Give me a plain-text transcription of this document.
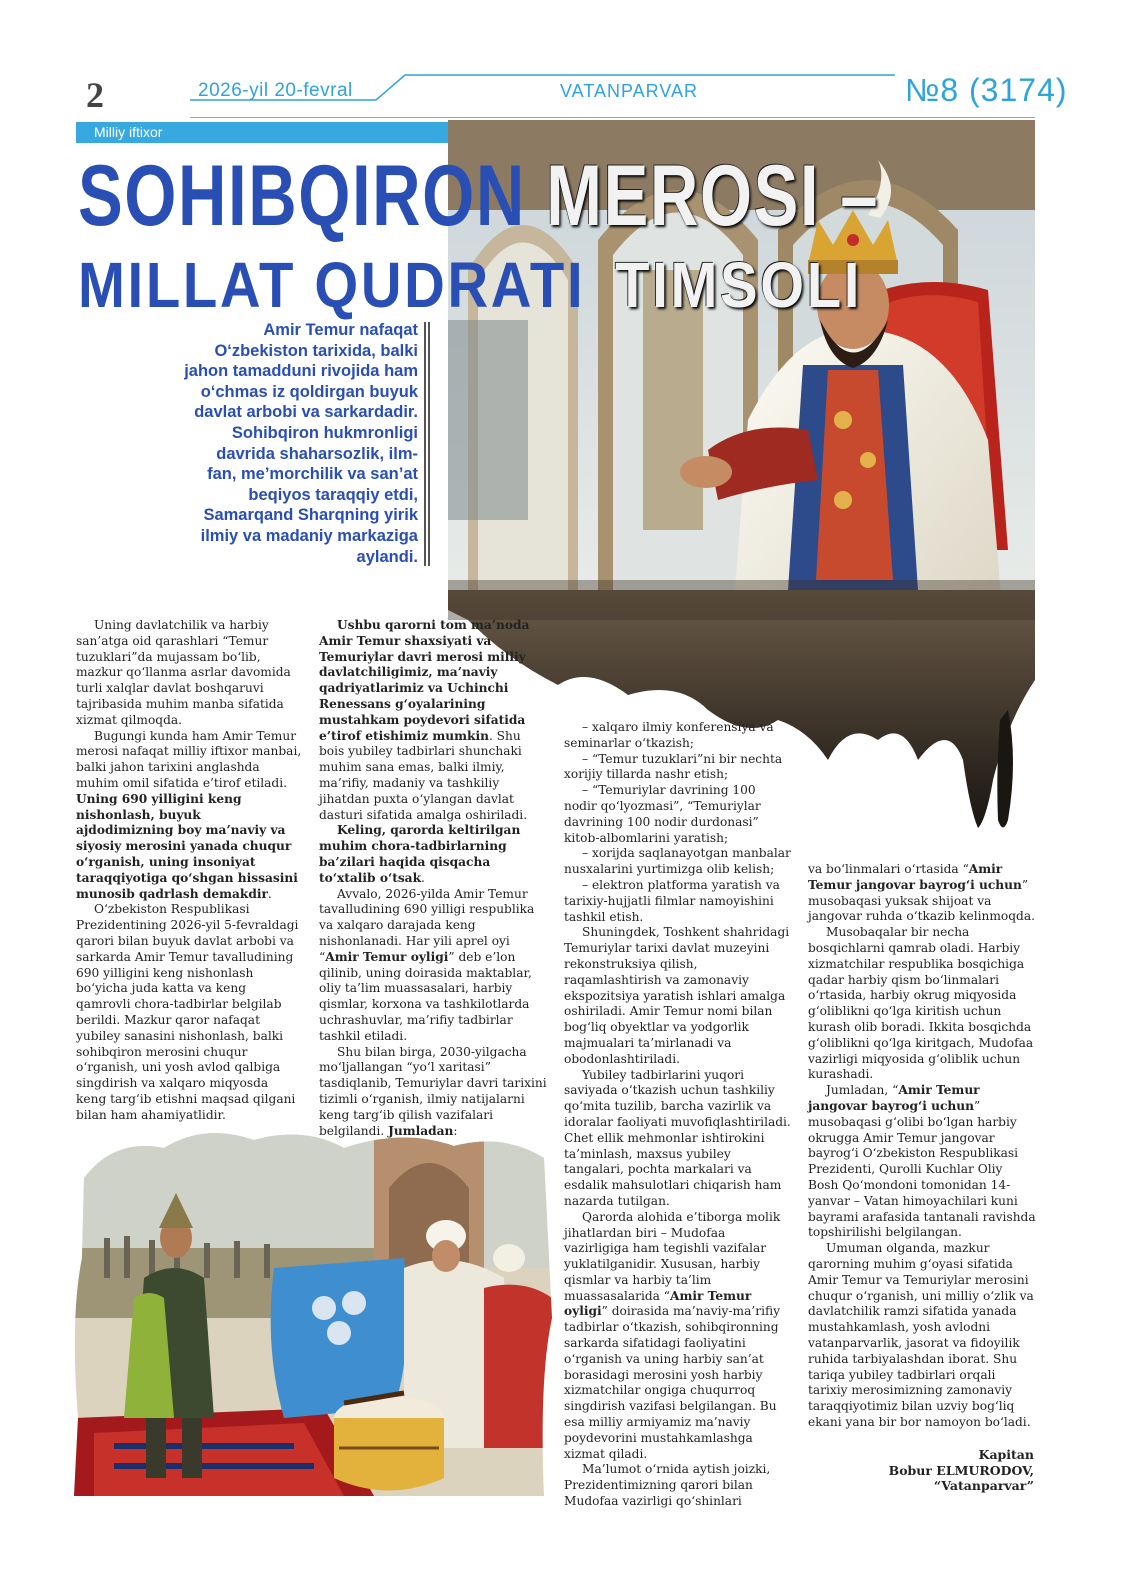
2	2026-yil 20-fevral	VATANPARVAR	№8 (3174)
Milliy iftixor
SOHIBQIRON MEROSI –
MILLAT QUDRATI TIMSOLI
Amir Temur nafaqat
O‘zbekiston tarixida, balki
jahon tamadduni rivojida ham
o‘chmas iz qoldirgan buyuk
davlat arbobi va sarkardadir.
Sohibqiron hukmronligi
davrida shaharsozlik, ilm-
fan, me’morchilik va san’at
beqiyos taraqqiy etdi,
Samarqand Sharqning yirik
ilmiy va madaniy markaziga
aylandi.

Uning davlatchilik va harbiy san’atga oid qarashlari “Temur tuzuklari”da mujassam bo‘lib, mazkur qo‘llanma asrlar davomida turli xalqlar davlat boshqaruvi tajribasida muhim manba sifatida xizmat qilmoqda.

Bugungi kunda ham Amir Temur merosi nafaqat milliy iftixor manbai, balki jahon tarixini anglashda muhim omil sifatida e’tirof etiladi. Uning 690 yilligini keng nishonlash, buyuk ajdodimizning boy ma’naviy va siyosiy merosini yanada chuqur o‘rganish, uning insoniyat taraqqiyotiga qo‘shgan hissasini munosib qadrlash demakdir.

O‘zbekiston Respublikasi Prezidentining 2026-yil 5-fevraldagi qarori bilan buyuk davlat arbobi va sarkarda Amir Temur tavalludining 690 yilligini keng nishonlash bo‘yicha juda katta va keng qamrovli chora-tadbirlar belgilab berildi. Mazkur qaror nafaqat yubiley sanasini nishonlash, balki sohibqiron merosini chuqur o‘rganish, uni yosh avlod qalbiga singdirish va xalqaro miqyosda keng targ‘ib etishni maqsad qilgani bilan ham ahamiyatlidir.

Ushbu qarorni tom ma’noda Amir Temur shaxsiyati va Temuriylar davri merosi milliy davlatchiligimiz, ma’naviy qadriyatlarimiz va Uchinchi Renessans g‘oyalarining mustahkam poydevori sifatida e’tirof etishimiz mumkin. Shu bois yubiley tadbirlari shunchaki muhim sana emas, balki ilmiy, ma’rifiy, madaniy va tashkiliy jihatdan puxta o‘ylangan davlat dasturi sifatida amalga oshiriladi.

Keling, qarorda keltirilgan muhim chora-tadbirlarning ba’zilari haqida qisqacha to‘xtalib o‘tsak.

Avvalo, 2026-yilda Amir Temur tavalludining 690 yilligi respublika va xalqaro darajada keng nishonlanadi. Har yili aprel oyi “Amir Temur oyligi” deb e’lon qilinib, uning doirasida maktablar, oliy ta’lim muassasalari, harbiy qismlar, korxona va tashkilotlarda uchrashuvlar, ma’rifiy tadbirlar tashkil etiladi.

Shu bilan birga, 2030-yilgacha mo‘ljallangan “yo‘l xaritasi” tasdiqlanib, Temuriylar davri tarixini tizimli o‘rganish, ilmiy natijalarni keng targ‘ib qilish vazifalari belgilandi. Jumladan:

– xalqaro ilmiy konferensiya va seminarlar o‘tkazish;

– “Temur tuzuklari”ni bir nechta xorijiy tillarda nashr etish;

– “Temuriylar davrining 100 nodir qo‘lyozmasi”, “Temuriylar davrining 100 nodir durdonasi” kitob-albomlarini yaratish;

– xorijda saqlanayotgan manbalar nusxalarini yurtimizga olib kelish;

– elektron platforma yaratish va tarixiy-hujjatli filmlar namoyishini tashkil etish.

Shuningdek, Toshkent shahridagi Temuriylar tarixi davlat muzeyini rekonstruksiya qilish, raqamlashtirish va zamonaviy ekspozitsiya yaratish ishlari amalga oshiriladi. Amir Temur nomi bilan bog‘liq obyektlar va yodgorlik majmualari ta’mirlanadi va obodonlashtiriladi.

Yubiley tadbirlarini yuqori saviyada o‘tkazish uchun tashkiliy qo‘mita tuzilib, barcha vazirlik va idoralar faoliyati muvofiqlashtiriladi. Chet ellik mehmonlar ishtirokini ta’minlash, maxsus yubiley tangalari, pochta markalari va esdalik mahsulotlari chiqarish ham nazarda tutilgan.

Qarorda alohida e’tiborga molik jihatlardan biri – Mudofaa vazirligiga ham tegishli vazifalar yuklatilganidir. Xususan, harbiy qismlar va harbiy ta’lim muassasalarida “Amir Temur oyligi” doirasida ma’naviy-ma’rifiy tadbirlar o‘tkazish, sohibqironning sarkarda sifatidagi faoliyatini o‘rganish va uning harbiy san’at borasidagi merosini yosh harbiy xizmatchilar ongiga chuqurroq singdirish vazifasi belgilangan. Bu esa milliy armiyamiz ma’naviy poydevorini mustahkamlashga xizmat qiladi.

Ma’lumot o‘rnida aytish joizki, Prezidentimizning qarori bilan Mudofaa vazirligi qo‘shinlari

va bo‘linmalari o‘rtasida “Amir Temur jangovar bayrog‘i uchun” musobaqasi yuksak shijoat va jangovar ruhda o‘tkazib kelinmoqda.

Musobaqalar bir necha bosqichlarni qamrab oladi. Harbiy xizmatchilar respublika bosqichiga qadar harbiy qism bo‘linmalari o‘rtasida, harbiy okrug miqyosida g‘oliblikni qo‘lga kiritish uchun kurash olib boradi. Ikkita bosqichda g‘oliblikni qo‘lga kiritgach, Mudofaa vazirligi miqyosida g‘oliblik uchun kurashadi.

Jumladan, “Amir Temur jangovar bayrog‘i uchun” musobaqasi g‘olibi bo‘lgan harbiy okrugga Amir Temur jangovar bayrog‘i O‘zbekiston Respublikasi Prezidenti, Qurolli Kuchlar Oliy Bosh Qo‘mondoni tomonidan 14-yanvar – Vatan himoyachilari kuni bayrami arafasida tantanali ravishda topshirilishi belgilangan.

Umuman olganda, mazkur qarorning muhim g‘oyasi sifatida Amir Temur va Temuriylar merosini chuqur o‘rganish, uni milliy o‘zlik va davlatchilik ramzi sifatida yanada mustahkamlash, yosh avlodni vatanparvarlik, jasorat va fidoyilik ruhida tarbiyalashdan iborat. Shu tariqa yubiley tadbirlari orqali tarixiy merosimizning zamonaviy taraqqiyotimiz bilan uzviy bog‘liq ekani yana bir bor namoyon bo‘ladi.

Kapitan
Bobur ELMURODOV,
“Vatanparvar”
